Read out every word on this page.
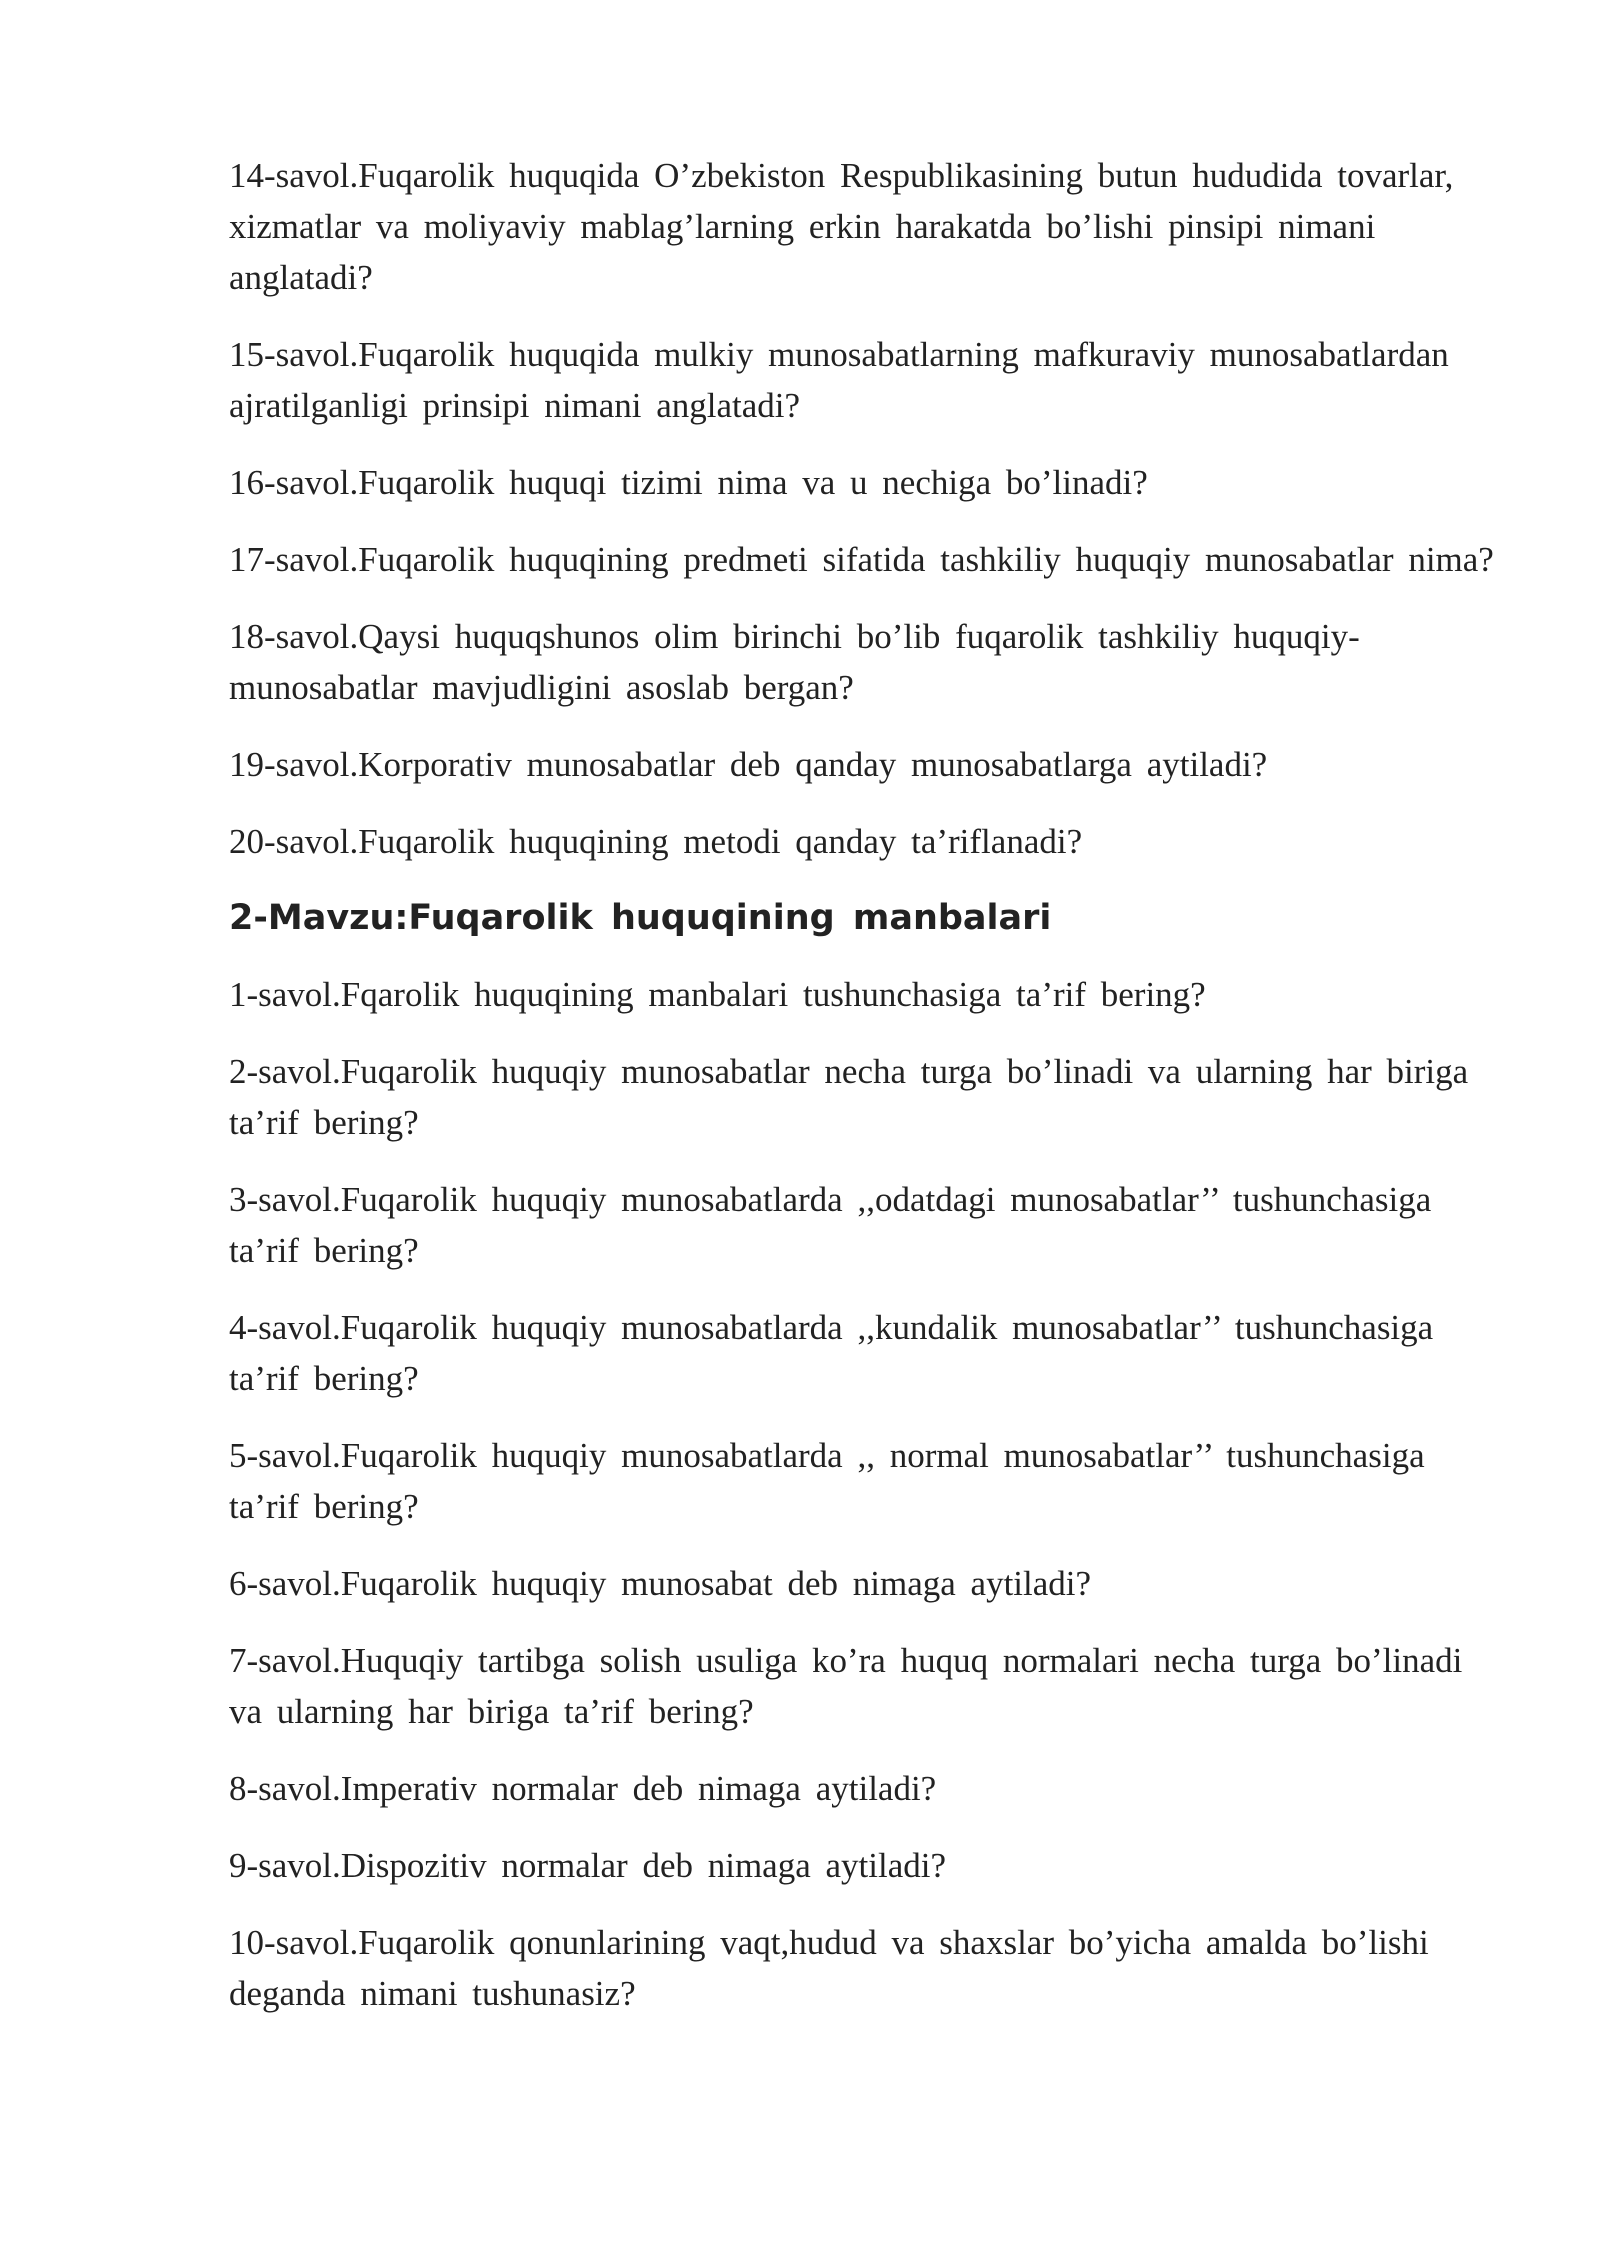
14-savol.Fuqarolik huquqida O’zbekiston Respublikasining butun hududida tovarlar, xizmatlar va moliyaviy mablag’larning erkin harakatda bo’lishi pinsipi nimani anglatadi?

15-savol.Fuqarolik huquqida mulkiy munosabatlarning mafkuraviy munosabatlardan ajratilganligi prinsipi nimani anglatadi?

16-savol.Fuqarolik huquqi tizimi nima va u nechiga bo’linadi?

17-savol.Fuqarolik huquqining predmeti sifatida tashkiliy huquqiy munosabatlar nima?

18-savol.Qaysi huquqshunos olim birinchi bo’lib fuqarolik tashkiliy huquqiy-munosabatlar mavjudligini asoslab bergan?

19-savol.Korporativ munosabatlar deb qanday munosabatlarga aytiladi?

20-savol.Fuqarolik huquqining metodi qanday ta’riflanadi?

2-Mavzu:Fuqarolik huquqining manbalari

1-savol.Fqarolik huquqining manbalari tushunchasiga ta’rif bering?

2-savol.Fuqarolik huquqiy munosabatlar necha turga bo’linadi va ularning har biriga ta’rif bering?

3-savol.Fuqarolik huquqiy munosabatlarda ,,odatdagi munosabatlar’’ tushunchasiga ta’rif bering?

4-savol.Fuqarolik huquqiy munosabatlarda ,,kundalik munosabatlar’’ tushunchasiga ta’rif bering?

5-savol.Fuqarolik huquqiy munosabatlarda ,, normal munosabatlar’’ tushunchasiga ta’rif bering?

6-savol.Fuqarolik huquqiy munosabat deb nimaga aytiladi?

7-savol.Huquqiy tartibga solish usuliga ko’ra huquq normalari necha turga bo’linadi va ularning har biriga ta’rif bering?

8-savol.Imperativ normalar deb nimaga aytiladi?

9-savol.Dispozitiv normalar deb nimaga aytiladi?

10-savol.Fuqarolik qonunlarining vaqt,hudud va shaxslar bo’yicha amalda bo’lishi deganda nimani tushunasiz?
